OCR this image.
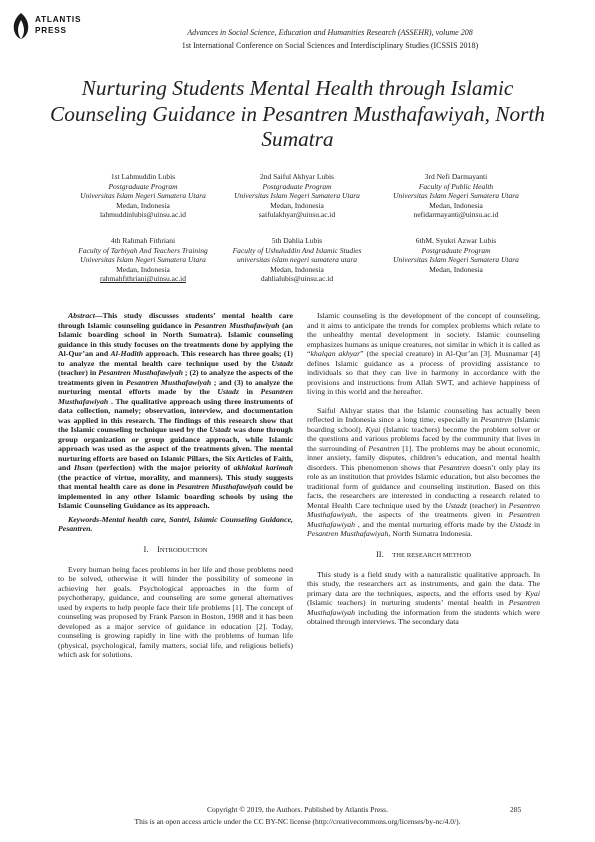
ATLANTIS
PRESS	Advances in Social Science, Education and Humanities Research (ASSEHR), volume 208
1st International Conference on Social Sciences and Interdisciplinary Studies (ICSSIS 2018)
Nurturing Students Mental Health through Islamic Counseling Guidance in Pesantren Musthafawiyah, North Sumatra
1st Lahmuddin Lubis
Postgraduate Program
Universitas Islam Negeri Sumatera Utara
Medan, Indonesia
lahmuddinlubis@uinsu.ac.id
2nd Saiful Akhyar Lubis
Postgraduate Program
Universitas Islam Negeri Sumatera Utara
Medan, Indonesia
saifulakhyar@uinsu.ac.id
3rd Nefi Darmayanti
Faculty of Public Health
Universitas Islam Negeri Sumatera Utara
Medan, Indonesia
nefidarmayanti@uinsu.ac.id
4th Rahmah Fithriani
Faculty of Tarbiyah And Teachers Training
Universitas Islam Negeri Sumatera Utara
Medan, Indonesia
rahmahfithriani@uinsu.ac.id
5th Dahlia Lubis
Faculty of Ushuluddin And Islamic Studies
universitas islam negeri sumatera utara
Medan, Indonesia
dahlialubis@uinsu.ac.id
6thM. Syukri Azwar Lubis
Postgraduate Program
Universitas Islam Negeri Sumatera Utara
Medan, Indonesia

Abstract—This study discusses students’ mental health care through Islamic counseling guidance in Pesantren Musthafawiyah (an Islamic boarding school in North Sumatra). Islamic counseling guidance in this study focuses on the treatments done by applying the Al-Qur’an and Al-Hadith approach. This research has three goals; (1) to analyze the mental health care technique used by the Ustadz (teacher) in Pesantren Musthafawiyah ; (2) to analyze the aspects of the treatments given in Pesantren Musthafawiyah ; and (3) to analyze the nurturing mental efforts made by the Ustadz in Pesantren Musthafawiyah . The qualitative approach using three instruments of data collection, namely; observation, interview, and documentation was applied in this research. The findings of this research show that the Islamic counseling technique used by the Ustadz was done through group organization or group guidance approach, while Islamic approach was used as the aspect of the treatments given. The mental nurturing efforts are based on Islamic Pillars, the Six Articles of Faith, and Ihsan (perfection) with the major priority of akhlakul karimah (the practice of virtue, morality, and manners). This study suggests that mental health care as done in Pesantren Musthafawiyah could be implemented in any other Islamic boarding schools by using the Islamic Counseling Guidance as its approach.

Keywords-Mental health care, Santri, Islamic Counseling Guidance, Pesantren.

I. INTRODUCTION

Every human being faces problems in her life and those problems need to be solved, otherwise it will hinder the possibility of someone in achieving her goals. Psychological approaches in the form of psychotherapy, guidance, and counseling are some general alternatives used by experts to help people face their life problems [1]. The concept of counseling was proposed by Frank Parson in Boston, 1908 and it has been developed as a major service of guidance in education [2]. Today, counseling is growing rapidly in line with the problems of human life (physical, psychological, family matters, social life, and religious beliefs) which ask for solutions.

Islamic counseling is the development of the concept of counseling, and it aims to anticipate the trends for complex problems which relate to the unhealthy mental development in society. Islamic counseling emphasizes humans as unique creatures, not similar in which it is called as “khalqan akhyar” (the special creature) in Al-Qur’an [3]. Musnamar [4] defines Islamic guidance as a process of providing assistance to individuals so that they can live in harmony in accordance with the provisions and instructions from Allah SWT, and achieve happiness of living in this world and the hereafter.

Saiful Akhyar states that the Islamic counseling has actually been reflected in Indonesia since a long time, especially in Pesantren (Islamic boarding school). Kyai (Islamic teachers) become the problem solver or the questions and various problems faced by the community that lives in the surrounding of Pesantren [1]. The problems may be about economic, inner anxiety, family disputes, children’s education, and mental health disorders. This phenomenon shows that Pesantren doesn’t only play its role as an institution that provides Islamic education, but also becomes the traditional form of guidance and counseling institution. Based on this facts, the researchers are interested in conducting a research related to Mental Health Care technique used by the Ustadz (teacher) in Pesantren Musthafawiyah, the aspects of the treatments given in Pesantren Musthafawiyah , and the mental nurturing efforts made by the Ustadz in Pesantren Musthafawiyah, North Sumatra Indonesia.

II. THE RESEARCH METHOD

This study is a field study with a naturalistic qualitative approach. In this study, the researchers act as instruments, and gain the data. The primary data are the techniques, aspects, and the efforts used by Kyai (Islamic teachers) in nurturing students’ mental health in Pesantren Musthafawiyah including the information from the students which were obtained through interviews. The secondary data

Copyright © 2019, the Authors. Published by Atlantis Press.	285
This is an open access article under the CC BY-NC license (http://creativecommons.org/licenses/by-nc/4.0/).
